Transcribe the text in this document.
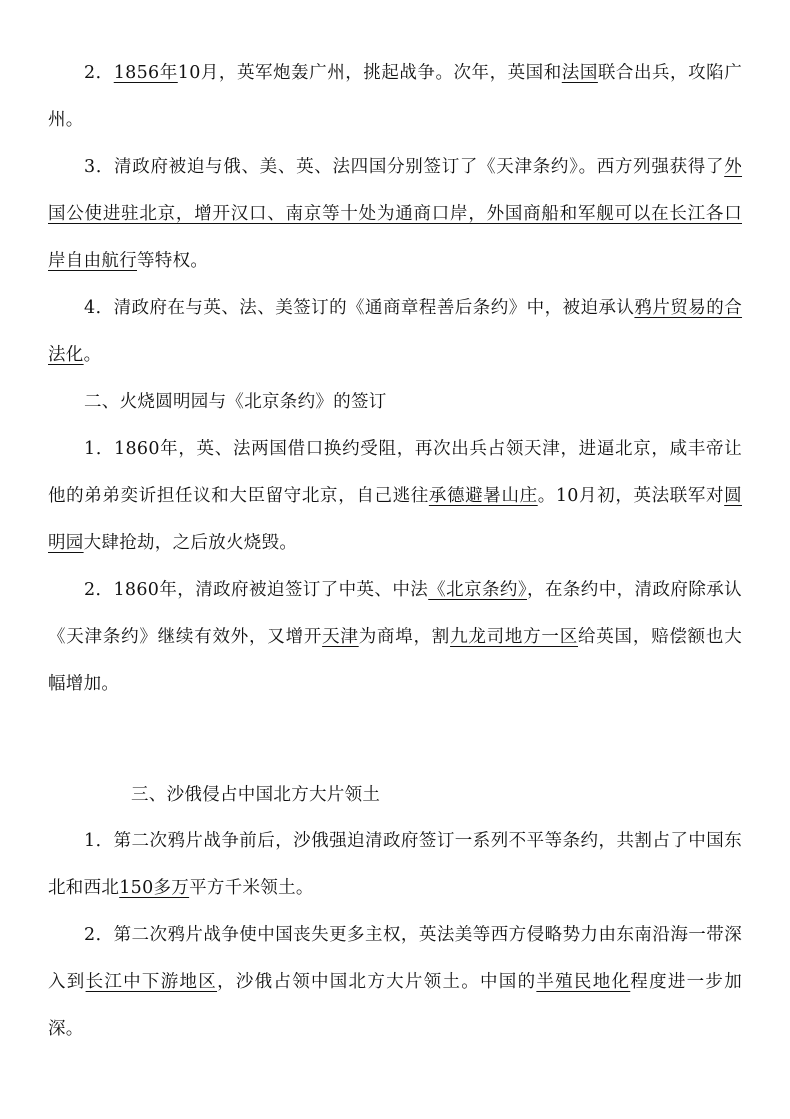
2．1856年10月，英军炮轰广州，挑起战争。次年，英国和法国联合出兵，攻陷广州。

3．清政府被迫与俄、美、英、法四国分别签订了《天津条约》。西方列强获得了外国公使进驻北京，增开汉口、南京等十处为通商口岸，外国商船和军舰可以在长江各口岸自由航行等特权。

4．清政府在与英、法、美签订的《通商章程善后条约》中，被迫承认鸦片贸易的合法化。

二、火烧圆明园与《北京条约》的签订

1．1860年，英、法两国借口换约受阻，再次出兵占领天津，进逼北京，咸丰帝让他的弟弟奕䜣担任议和大臣留守北京，自己逃往承德避暑山庄。10月初，英法联军对圆明园大肆抢劫，之后放火烧毁。

2．1860年，清政府被迫签订了中英、中法《北京条约》，在条约中，清政府除承认《天津条约》继续有效外，又增开天津为商埠，割九龙司地方一区给英国，赔偿额也大幅增加。

三、沙俄侵占中国北方大片领土

1．第二次鸦片战争前后，沙俄强迫清政府签订一系列不平等条约，共割占了中国东北和西北150多万平方千米领土。

2．第二次鸦片战争使中国丧失更多主权，英法美等西方侵略势力由东南沿海一带深入到长江中下游地区，沙俄占领中国北方大片领土。中国的半殖民地化程度进一步加深。
